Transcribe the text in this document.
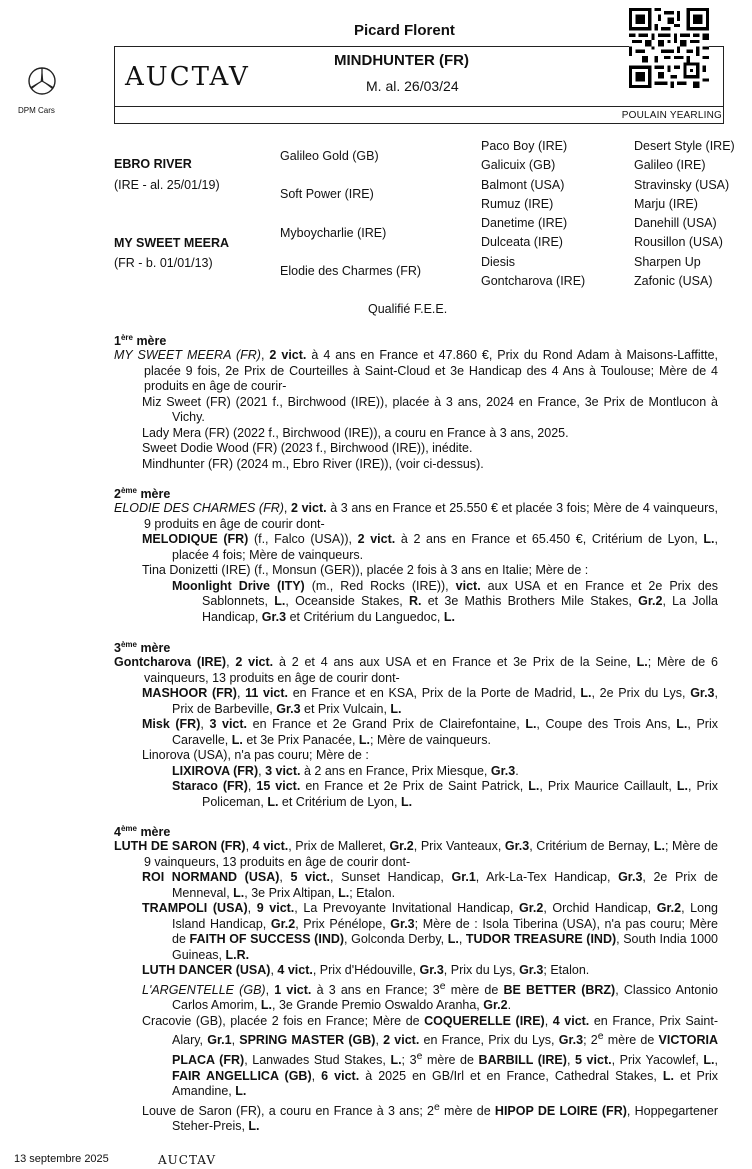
Picard Florent
DPM Cars
AUCTAV
MINDHUNTER (FR)
M. al. 26/03/24
POULAIN YEARLING
EBRO RIVER
(IRE - al. 25/01/19)
MY SWEET MEERA
(FR - b. 01/01/13)
Galileo Gold (GB)
Soft Power (IRE)
Myboycharlie (IRE)
Elodie des Charmes (FR)
Paco Boy (IRE)
Galicuix (GB)
Balmont (USA)
Rumuz (IRE)
Danetime (IRE)
Dulceata (IRE)
Diesis
Gontcharova (IRE)
Desert Style (IRE)
Galileo (IRE)
Stravinsky (USA)
Marju (IRE)
Danehill (USA)
Rousillon (USA)
Sharpen Up
Zafonic (USA)
Qualifié F.E.E.
1ère mère
MY SWEET MEERA (FR), 2 vict. à 4 ans en France et 47.860 €, Prix du Rond Adam à Maisons-Laffitte, placée 9 fois, 2e Prix de Courteilles à Saint-Cloud et 3e Handicap des 4 Ans à Toulouse; Mère de 4 produits en âge de courir-
Miz Sweet (FR) (2021 f., Birchwood (IRE)), placée à 3 ans, 2024 en France, 3e Prix de Montlucon à Vichy.
Lady Mera (FR) (2022 f., Birchwood (IRE)), a couru en France à 3 ans, 2025.
Sweet Dodie Wood (FR) (2023 f., Birchwood (IRE)), inédite.
Mindhunter (FR) (2024 m., Ebro River (IRE)), (voir ci-dessus).
2ème mère
ELODIE DES CHARMES (FR), 2 vict. à 3 ans en France et 25.550 € et placée 3 fois; Mère de 4 vainqueurs, 9 produits en âge de courir dont-
MELODIQUE (FR) (f., Falco (USA)), 2 vict. à 2 ans en France et 65.450 €, Critérium de Lyon, L., placée 4 fois; Mère de vainqueurs.
Tina Donizetti (IRE) (f., Monsun (GER)), placée 2 fois à 3 ans en Italie; Mère de :
Moonlight Drive (ITY) (m., Red Rocks (IRE)), vict. aux USA et en France et 2e Prix des Sablonnets, L., Oceanside Stakes, R. et 3e Mathis Brothers Mile Stakes, Gr.2, La Jolla Handicap, Gr.3 et Critérium du Languedoc, L.
3ème mère
Gontcharova (IRE), 2 vict. à 2 et 4 ans aux USA et en France et 3e Prix de la Seine, L.; Mère de 6 vainqueurs, 13 produits en âge de courir dont-
MASHOOR (FR), 11 vict. en France et en KSA, Prix de la Porte de Madrid, L., 2e Prix du Lys, Gr.3, Prix de Barbeville, Gr.3 et Prix Vulcain, L.
Misk (FR), 3 vict. en France et 2e Grand Prix de Clairefontaine, L., Coupe des Trois Ans, L., Prix Caravelle, L. et 3e Prix Panacée, L.; Mère de vainqueurs.
Linorova (USA), n'a pas couru; Mère de :
LIXIROVA (FR), 3 vict. à 2 ans en France, Prix Miesque, Gr.3.
Staraco (FR), 15 vict. en France et 2e Prix de Saint Patrick, L., Prix Maurice Caillault, L., Prix Policeman, L. et Critérium de Lyon, L.
4ème mère
LUTH DE SARON (FR), 4 vict., Prix de Malleret, Gr.2, Prix Vanteaux, Gr.3, Critérium de Bernay, L.; Mère de 9 vainqueurs, 13 produits en âge de courir dont-
ROI NORMAND (USA), 5 vict., Sunset Handicap, Gr.1, Ark-La-Tex Handicap, Gr.3, 2e Prix de Menneval, L., 3e Prix Altipan, L.; Etalon.
TRAMPOLI (USA), 9 vict., La Prevoyante Invitational Handicap, Gr.2, Orchid Handicap, Gr.2, Long Island Handicap, Gr.2, Prix Pénélope, Gr.3; Mère de : Isola Tiberina (USA), n'a pas couru; Mère de FAITH OF SUCCESS (IND), Golconda Derby, L., TUDOR TREASURE (IND), South India 1000 Guineas, L.R.
LUTH DANCER (USA), 4 vict., Prix d'Hédouville, Gr.3, Prix du Lys, Gr.3; Etalon.
L'ARGENTELLE (GB), 1 vict. à 3 ans en France; 3e mère de BE BETTER (BRZ), Classico Antonio Carlos Amorim, L., 3e Grande Premio Oswaldo Aranha, Gr.2.
Cracovie (GB), placée 2 fois en France; Mère de COQUERELLE (IRE), 4 vict. en France, Prix Saint-Alary, Gr.1, SPRING MASTER (GB), 2 vict. en France, Prix du Lys, Gr.3; 2e mère de VICTORIA PLACA (FR), Lanwades Stud Stakes, L.; 3e mère de BARBILL (IRE), 5 vict., Prix Yacowlef, L., FAIR ANGELLICA (GB), 6 vict. à 2025 en GB/Irl et en France, Cathedral Stakes, L. et Prix Amandine, L.
Louve de Saron (FR), a couru en France à 3 ans; 2e mère de HIPOP DE LOIRE (FR), Hoppegartener Steher-Preis, L.
13 septembre 2025	AUCTAV
